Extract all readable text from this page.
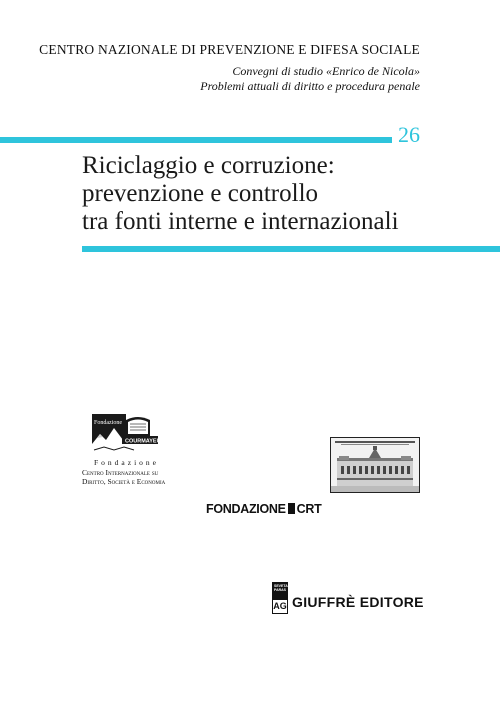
CENTRO NAZIONALE DI PREVENZIONE E DIFESA SOCIALE
Convegni di studio «Enrico de Nicola»
Problemi attuali di diritto e procedura penale
26
Riciclaggio e corruzione:
prevenzione e controllo
tra fonti interne e internazionali
Fondazione
COURMAYEUR
Fondazione
Centro Internazionale su
Diritto, Società e Economia
FONDAZIONE CRT
SEVETA PARAS
AG GIUFFRÈ EDITORE
